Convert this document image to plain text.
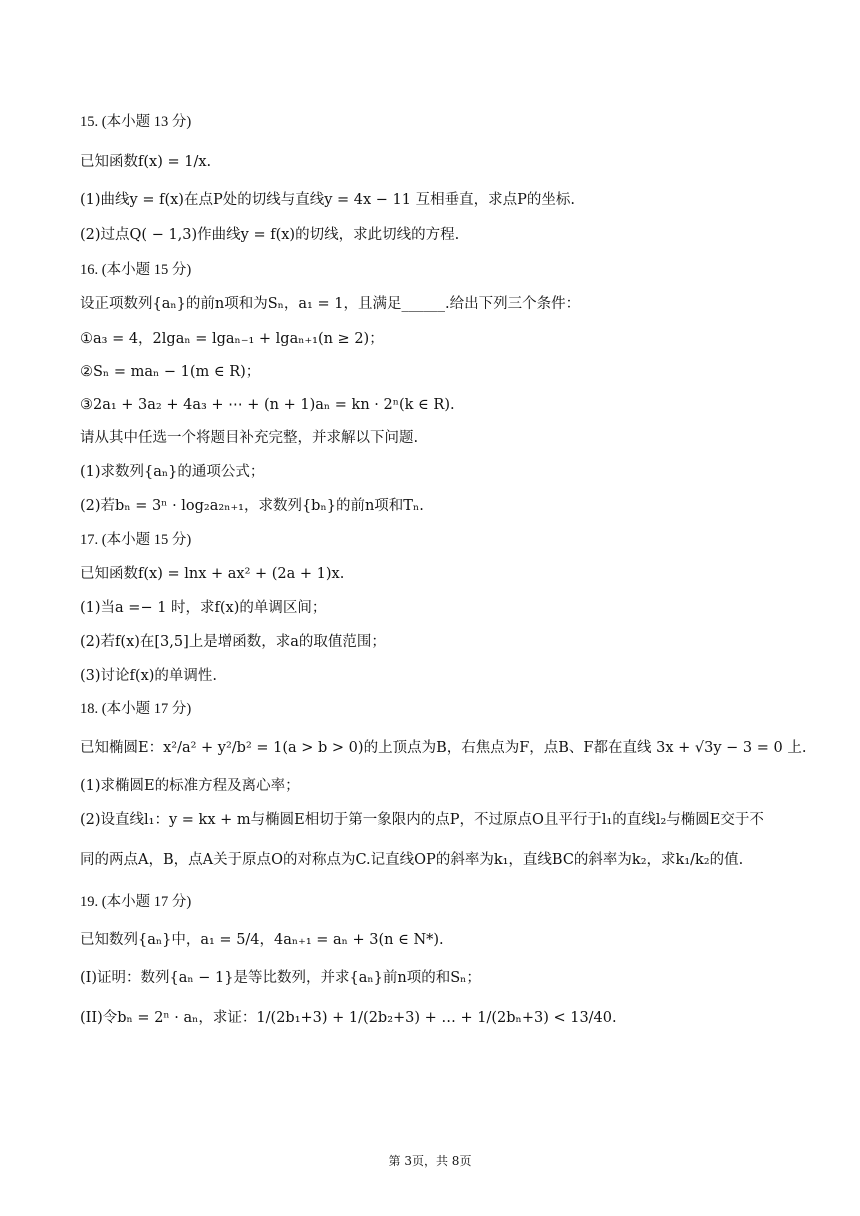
15. (本小题 13 分)
已知函数f(x) = 1/x.
(1)曲线y = f(x)在点P处的切线与直线y = 4x − 11 互相垂直，求点P的坐标.
(2)过点Q( − 1,3)作曲线y = f(x)的切线，求此切线的方程.
16. (本小题 15 分)
设正项数列{aₙ}的前n项和为Sₙ，a₁ = 1，且满足______.给出下列三个条件：
①a₃ = 4，2lgaₙ = lgaₙ₋₁ + lgaₙ₊₁(n ≥ 2)；
②Sₙ = maₙ − 1(m ∈ R)；
③2a₁ + 3a₂ + 4a₃ + ⋯ + (n + 1)aₙ = kn · 2ⁿ(k ∈ R).
请从其中任选一个将题目补充完整，并求解以下问题.
(1)求数列{aₙ}的通项公式；
(2)若bₙ = 3ⁿ · log₂a₂ₙ₊₁，求数列{bₙ}的前n项和Tₙ.
17. (本小题 15 分)
已知函数f(x) = lnx + ax² + (2a + 1)x.
(1)当a =− 1 时，求f(x)的单调区间；
(2)若f(x)在[3,5]上是增函数，求a的取值范围；
(3)讨论f(x)的单调性.
18. (本小题 17 分)
已知椭圆E：x²/a² + y²/b² = 1(a > b > 0)的上顶点为B，右焦点为F，点B、F都在直线 3x + √3y − 3 = 0 上.
(1)求椭圆E的标准方程及离心率；
(2)设直线l₁：y = kx + m与椭圆E相切于第一象限内的点P，不过原点O且平行于l₁的直线l₂与椭圆E交于不
同的两点A，B，点A关于原点O的对称点为C.记直线OP的斜率为k₁，直线BC的斜率为k₂，求k₁/k₂的值.
19. (本小题 17 分)
已知数列{aₙ}中，a₁ = 5/4，4aₙ₊₁ = aₙ + 3(n ∈ N*).
(I)证明：数列{aₙ − 1}是等比数列，并求{aₙ}前n项的和Sₙ；
(II)令bₙ = 2ⁿ · aₙ，求证：1/(2b₁+3) + 1/(2b₂+3) + … + 1/(2bₙ+3) < 13/40.
第 3页，共 8页
